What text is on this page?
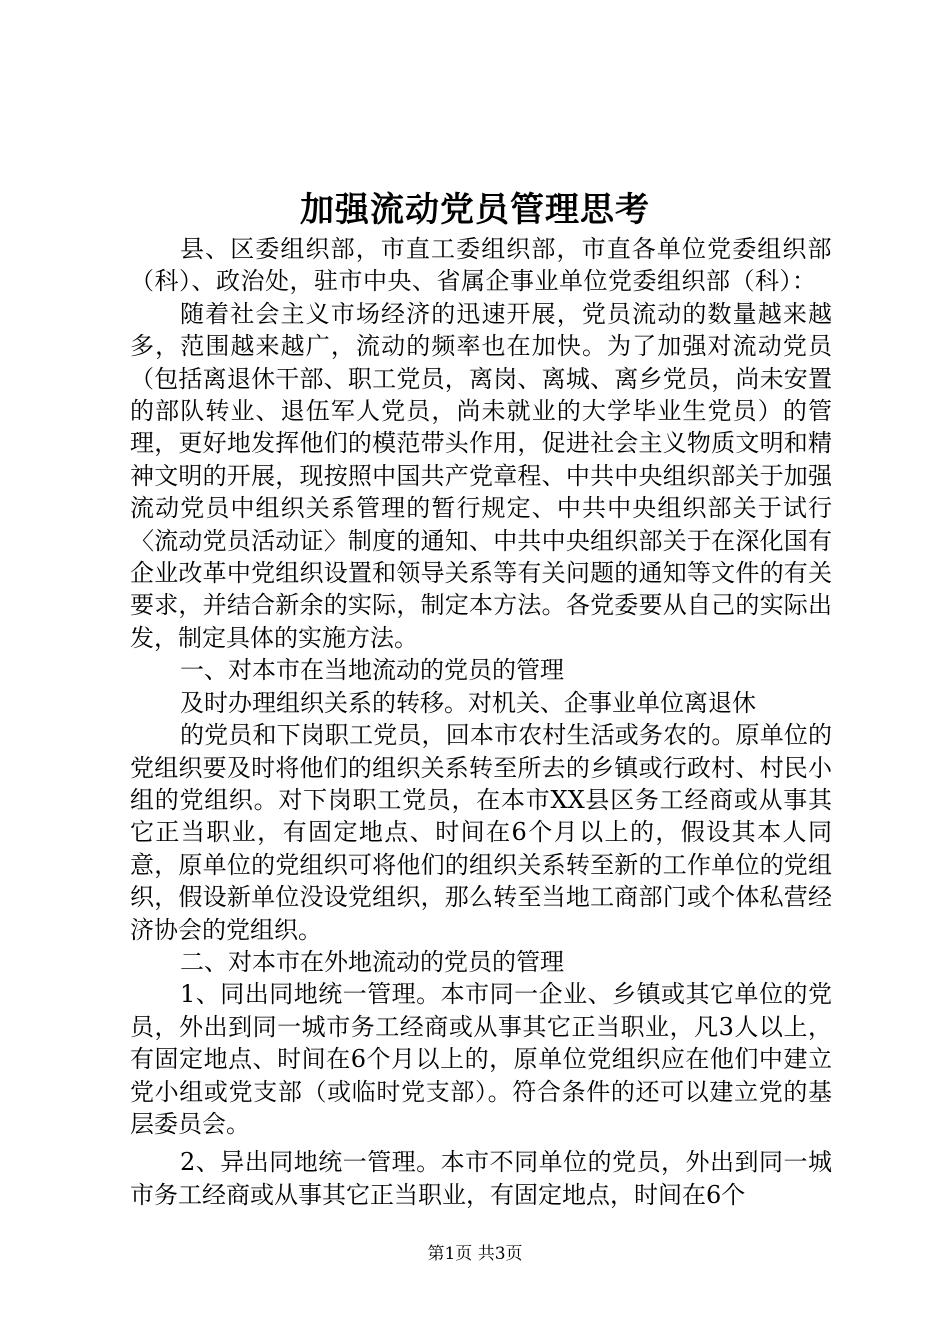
加强流动党员管理思考

县、区委组织部，市直工委组织部，市直各单位党委组织部（科）、政治处，驻市中央、省属企事业单位党委组织部（科）：

随着社会主义市场经济的迅速开展，党员流动的数量越来越多，范围越来越广，流动的频率也在加快。为了加强对流动党员（包括离退休干部、职工党员，离岗、离城、离乡党员，尚未安置的部队转业、退伍军人党员，尚未就业的大学毕业生党员）的管理，更好地发挥他们的模范带头作用，促进社会主义物质文明和精神文明的开展，现按照中国共产党章程、中共中央组织部关于加强流动党员中组织关系管理的暂行规定、中共中央组织部关于试行〈流动党员活动证〉制度的通知、中共中央组织部关于在深化国有企业改革中党组织设置和领导关系等有关问题的通知等文件的有关要求，并结合新余的实际，制定本方法。各党委要从自己的实际出发，制定具体的实施方法。

一、对本市在当地流动的党员的管理

及时办理组织关系的转移。对机关、企事业单位离退休

的党员和下岗职工党员，回本市农村生活或务农的。原单位的党组织要及时将他们的组织关系转至所去的乡镇或行政村、村民小组的党组织。对下岗职工党员，在本市XX县区务工经商或从事其它正当职业，有固定地点、时间在6个月以上的，假设其本人同意，原单位的党组织可将他们的组织关系转至新的工作单位的党组织，假设新单位没设党组织，那么转至当地工商部门或个体私营经济协会的党组织。

二、对本市在外地流动的党员的管理

1、同出同地统一管理。本市同一企业、乡镇或其它单位的党员，外出到同一城市务工经商或从事其它正当职业，凡3人以上，有固定地点、时间在6个月以上的，原单位党组织应在他们中建立党小组或党支部（或临时党支部）。符合条件的还可以建立党的基层委员会。

2、异出同地统一管理。本市不同单位的党员，外出到同一城市务工经商或从事其它正当职业，有固定地点，时间在6个

第1页 共3页
